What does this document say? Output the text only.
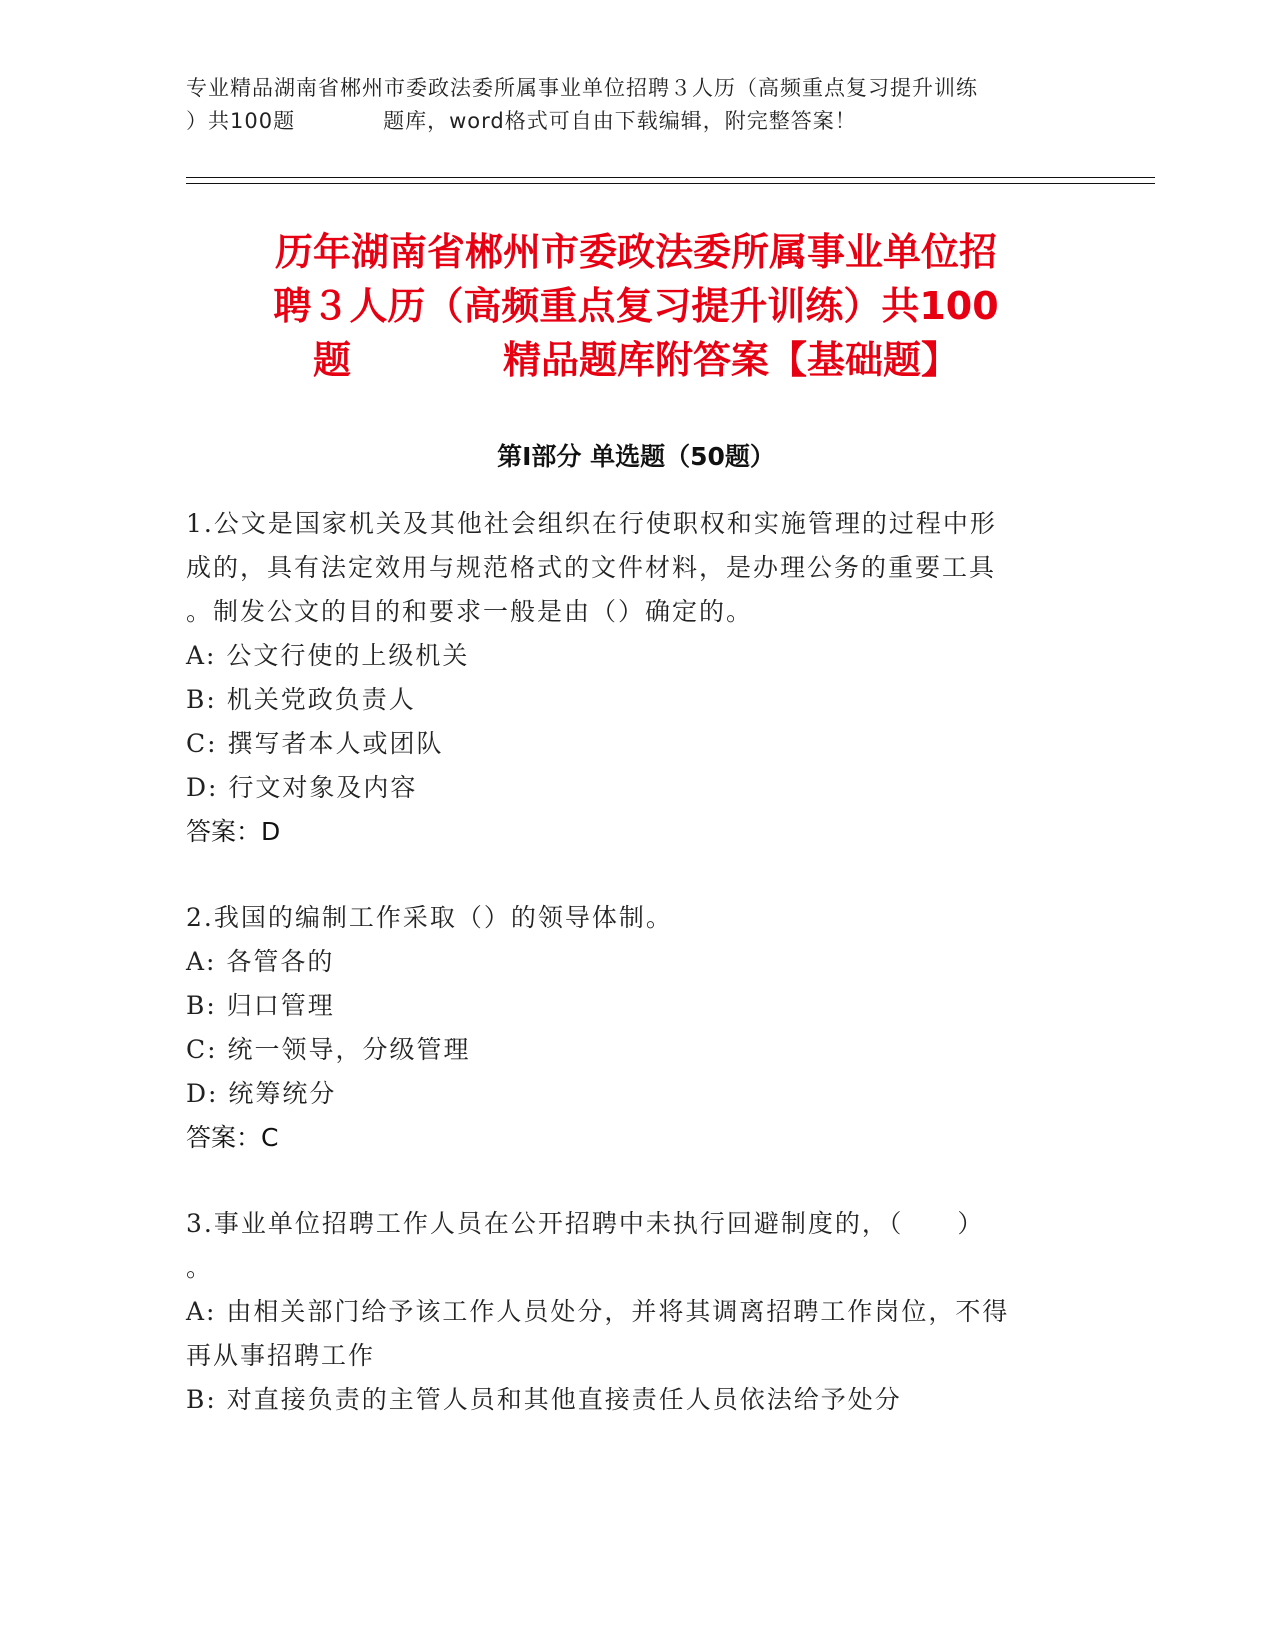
专业精品湖南省郴州市委政法委所属事业单位招聘３人历（高频重点复习提升训练
）共100题　　　　题库，word格式可自由下载编辑，附完整答案！
历年湖南省郴州市委政法委所属事业单位招
聘３人历（高频重点复习提升训练）共100
题　　　　精品题库附答案【基础题】
第Ⅰ部分 单选题（50题）
1.公文是国家机关及其他社会组织在行使职权和实施管理的过程中形
成的，具有法定效用与规范格式的文件材料，是办理公务的重要工具
。制发公文的目的和要求一般是由（）确定的。
A: 公文行使的上级机关
B: 机关党政负责人
C: 撰写者本人或团队
D: 行文对象及内容
答案：D
2.我国的编制工作采取（）的领导体制。
A: 各管各的
B: 归口管理
C: 统一领导，分级管理
D: 统筹统分
答案：C
3.事业单位招聘工作人员在公开招聘中未执行回避制度的，（　　）
。
A: 由相关部门给予该工作人员处分，并将其调离招聘工作岗位，不得
再从事招聘工作
B: 对直接负责的主管人员和其他直接责任人员依法给予处分
